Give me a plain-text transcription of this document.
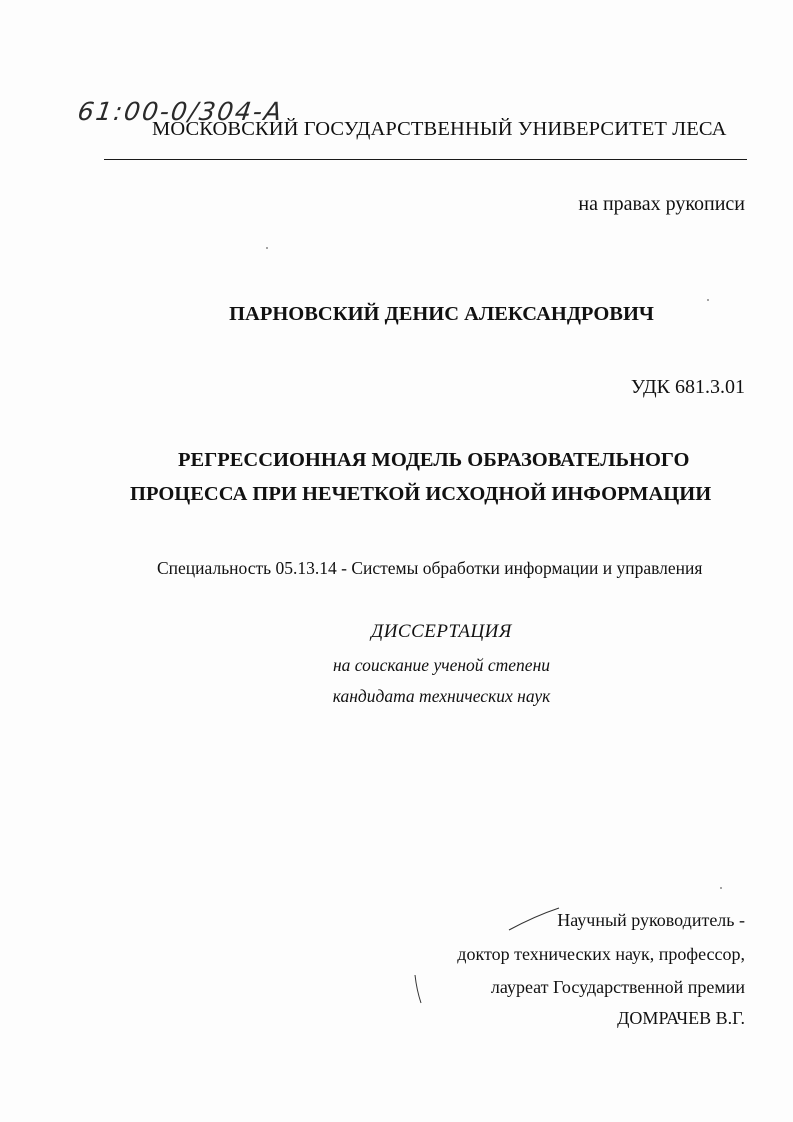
61:00-0/304-A
МОСКОВСКИЙ ГОСУДАРСТВЕННЫЙ УНИВЕРСИТЕТ ЛЕСА
на правах рукописи
ПАРНОВСКИЙ ДЕНИС АЛЕКСАНДРОВИЧ
УДК 681.3.01
РЕГРЕССИОННАЯ МОДЕЛЬ ОБРАЗОВАТЕЛЬНОГО
ПРОЦЕССА ПРИ НЕЧЕТКОЙ ИСХОДНОЙ ИНФОРМАЦИИ
Специальность 05.13.14 - Системы обработки информации и управления
ДИССЕРТАЦИЯ
на соискание ученой степени
кандидата технических наук
Научный руководитель -
доктор технических наук, профессор,
лауреат Государственной премии
ДОМРАЧЕВ В.Г.
